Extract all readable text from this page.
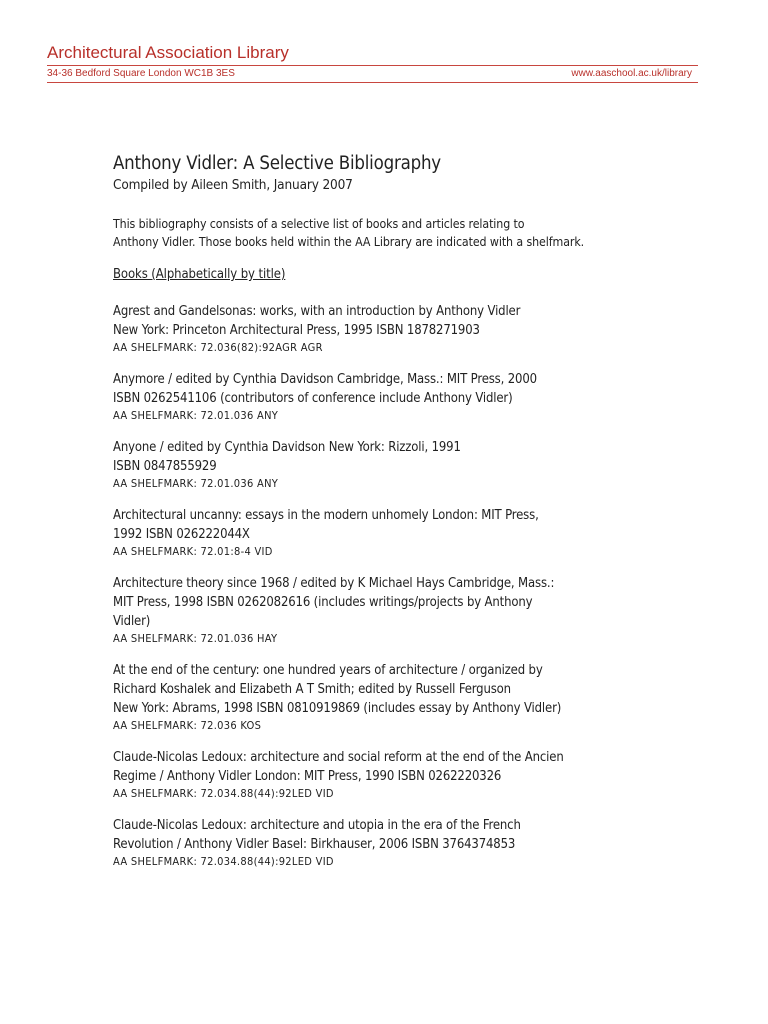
Architectural Association Library
34-36 Bedford Square London WC1B 3ES	www.aaschool.ac.uk/library
Anthony Vidler: A Selective Bibliography
Compiled by Aileen Smith, January 2007
This bibliography consists of a selective list of books and articles relating to
Anthony Vidler. Those books held within the AA Library are indicated with a shelfmark.
Books (Alphabetically by title)
Agrest and Gandelsonas: works, with an introduction by Anthony Vidler
New York: Princeton Architectural Press, 1995 ISBN 1878271903
AA SHELFMARK: 72.036(82):92AGR AGR
Anymore / edited by Cynthia Davidson Cambridge, Mass.: MIT Press, 2000
ISBN 0262541106 (contributors of conference include Anthony Vidler)
AA SHELFMARK: 72.01.036 ANY
Anyone / edited by Cynthia Davidson New York: Rizzoli, 1991
ISBN 0847855929
AA SHELFMARK: 72.01.036 ANY
Architectural uncanny: essays in the modern unhomely London: MIT Press,
1992 ISBN 026222044X
AA SHELFMARK: 72.01:8-4 VID
Architecture theory since 1968 / edited by K Michael Hays Cambridge, Mass.:
MIT Press, 1998 ISBN 0262082616 (includes writings/projects by Anthony
Vidler)
AA SHELFMARK: 72.01.036 HAY
At the end of the century: one hundred years of architecture / organized by
Richard Koshalek and Elizabeth A T Smith; edited by Russell Ferguson
New York: Abrams, 1998 ISBN 0810919869 (includes essay by Anthony Vidler)
AA SHELFMARK: 72.036 KOS
Claude-Nicolas Ledoux: architecture and social reform at the end of the Ancien
Regime / Anthony Vidler London: MIT Press, 1990 ISBN 0262220326
AA SHELFMARK: 72.034.88(44):92LED VID
Claude-Nicolas Ledoux: architecture and utopia in the era of the French
Revolution / Anthony Vidler Basel: Birkhauser, 2006 ISBN 3764374853
AA SHELFMARK: 72.034.88(44):92LED VID
